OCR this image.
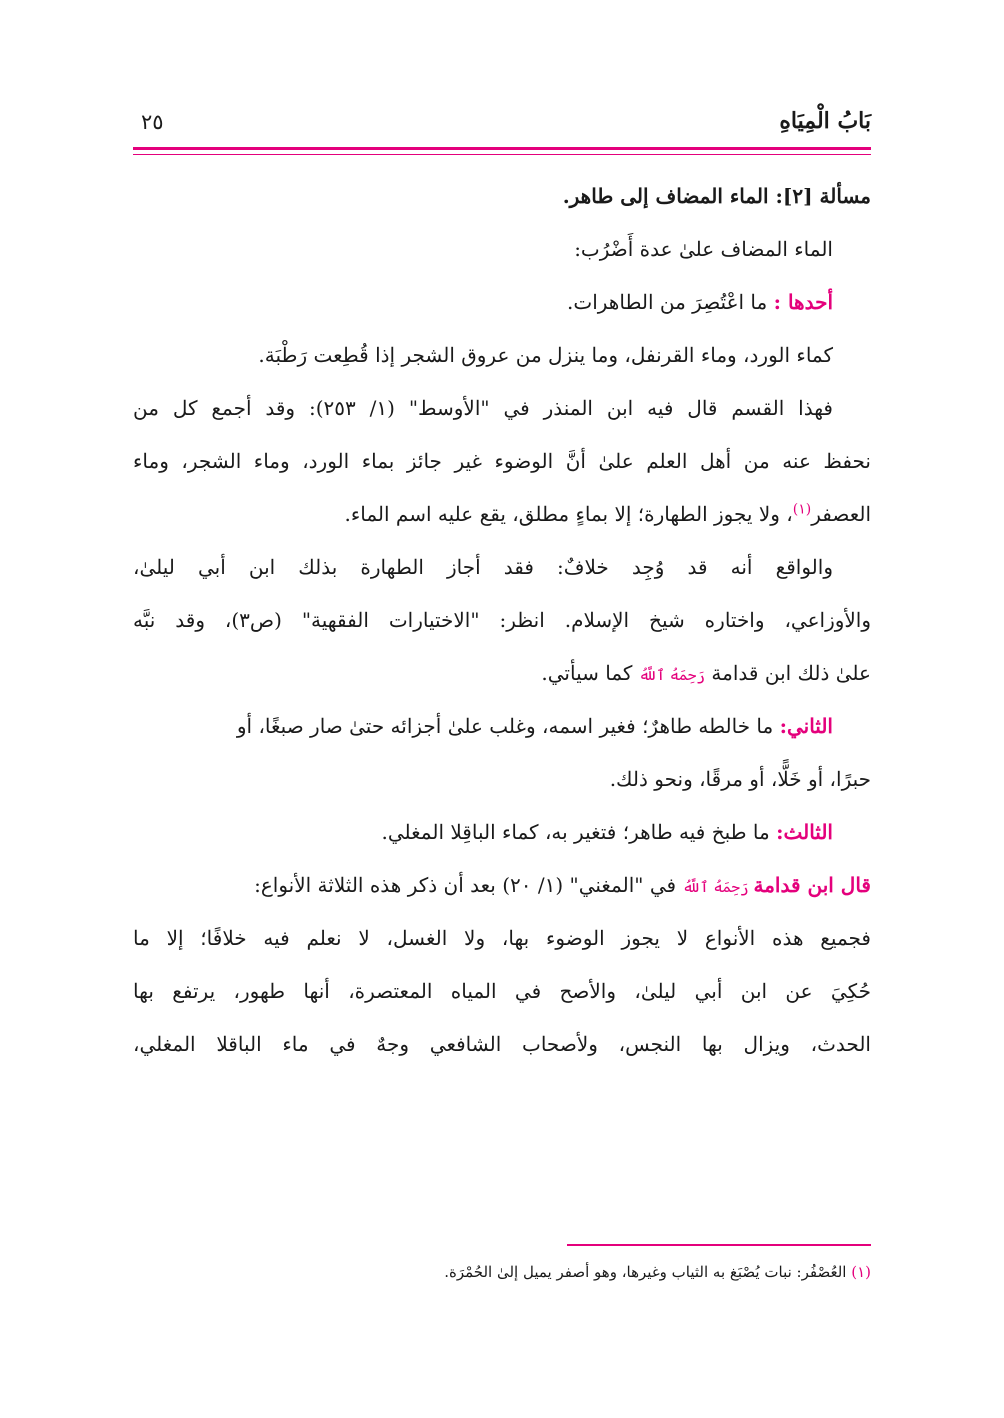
بَابُ الْمِيَاهِ
٢٥
مسألة [٢]: الماء المضاف إلى طاهر.
الماء المضاف علىٰ عدة أَضْرُب:
أحدها : ما اعْتُصِرَ من الطاهرات.
كماء الورد، وماء القرنفل، وما ينزل من عروق الشجر إذا قُطِعت رَطْبَة.
فهذا القسم قال فيه ابن المنذر في "الأوسط" (١/ ٢٥٣): وقد أجمع كل من
نحفظ عنه من أهل العلم علىٰ أنَّ الوضوء غير جائز بماء الورد، وماء الشجر، وماء
العصفر$^{(١)}$، ولا يجوز الطهارة؛ إلا بماءٍ مطلق، يقع عليه اسم الماء.
والواقع أنه قد وُجِد خلافٌ: فقد أجاز الطهارة بذلك ابن أبي ليلىٰ،
والأوزاعي، واختاره شيخ الإسلام. انظر: "الاختيارات الفقهية" (ص٣)، وقد نبَّه
علىٰ ذلك ابن قدامة رَحِمَهُ ٱللَّهُ كما سيأتي.
الثاني: ما خالطه طاهرٌ؛ فغير اسمه، وغلب علىٰ أجزائه حتىٰ صار صبغًا، أو
حبرًا، أو خَلًّا، أو مرقًا، ونحو ذلك.
الثالث: ما طبخ فيه طاهر؛ فتغير به، كماء الباقِلا المغلي.
قال ابن قدامة رَحِمَهُ ٱللَّهُ في "المغني" (١/ ٢٠) بعد أن ذكر هذه الثلاثة الأنواع:
فجميع هذه الأنواع لا يجوز الوضوء بها، ولا الغسل، لا نعلم فيه خلافًا؛ إلا ما
حُكِيَ عن ابن أبي ليلىٰ، والأصح في المياه المعتصرة، أنها طهور، يرتفع بها
الحدث، ويزال بها النجس، ولأصحاب الشافعي وجهٌ في ماء الباقلا المغلي،
(١) العُصْفُر: نبات يُصْبَغ به الثياب وغيرها، وهو أصفر يميل إلىٰ الحُمْرَة.
